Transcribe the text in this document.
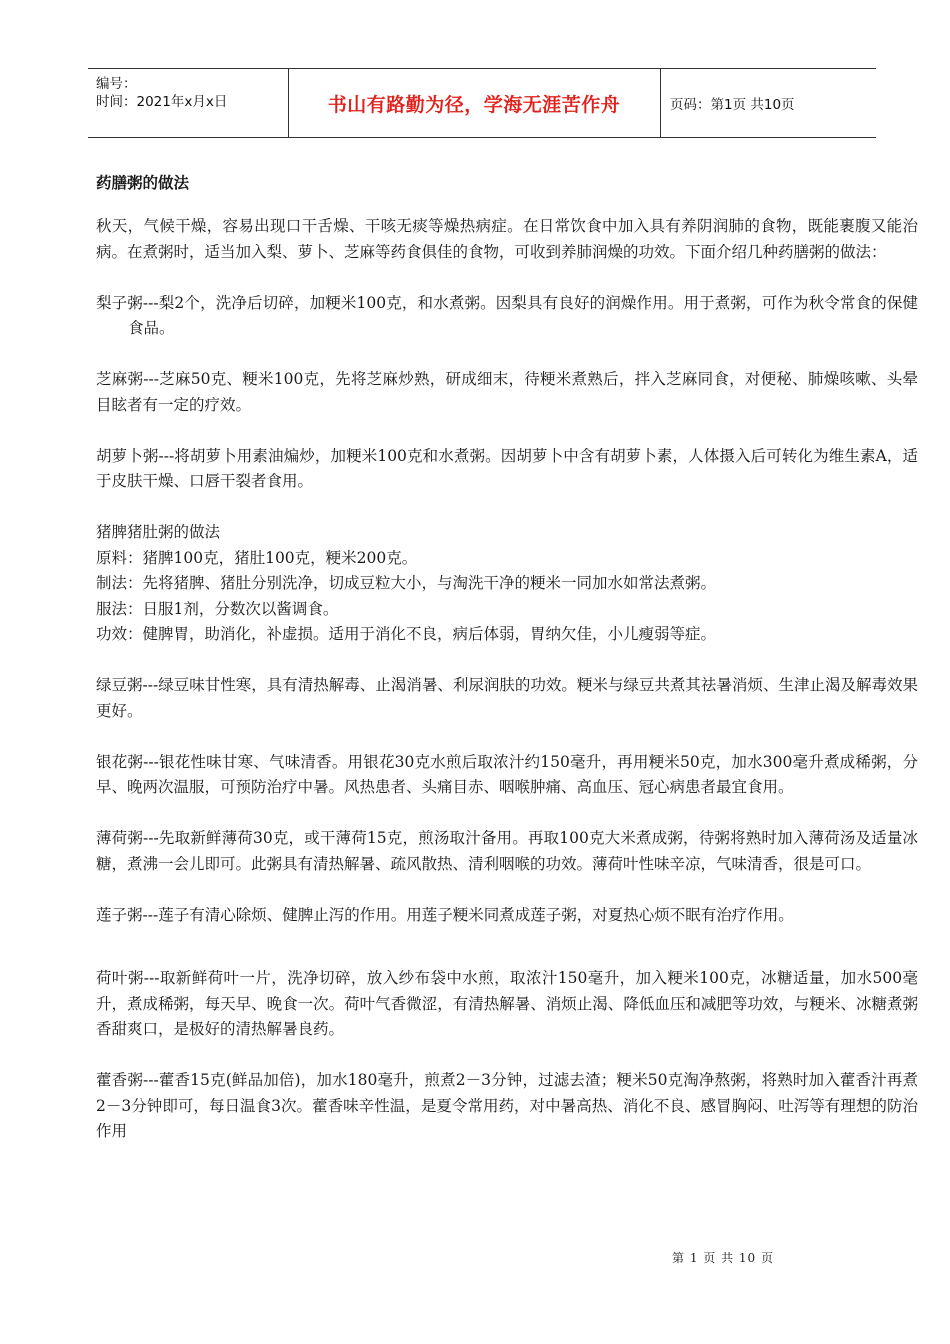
编号：
时间：2021年x月x日	书山有路勤为径，学海无涯苦作舟	页码：第1页 共10页
药膳粥的做法

秋天，气候干燥，容易出现口干舌燥、干咳无痰等燥热病症。在日常饮食中加入具有养阴润肺的食物，既能裹腹又能治病。在煮粥时，适当加入梨、萝卜、芝麻等药食俱佳的食物，可收到养肺润燥的功效。下面介绍几种药膳粥的做法：

梨子粥---梨2个，洗净后切碎，加粳米100克，和水煮粥。因梨具有良好的润燥作用。用于煮粥，可作为秋令常食的保健食品。

芝麻粥---芝麻50克、粳米100克，先将芝麻炒熟，研成细末，待粳米煮熟后，拌入芝麻同食，对便秘、肺燥咳嗽、头晕目眩者有一定的疗效。

胡萝卜粥---将胡萝卜用素油煸炒，加粳米100克和水煮粥。因胡萝卜中含有胡萝卜素，人体摄入后可转化为维生素A，适于皮肤干燥、口唇干裂者食用。

猪脾猪肚粥的做法
原料：猪脾100克，猪肚100克，粳米200克。
制法：先将猪脾、猪肚分别洗净，切成豆粒大小，与淘洗干净的粳米一同加水如常法煮粥。
服法：日服1剂，分数次以酱调食。
功效：健脾胃，助消化，补虚损。适用于消化不良，病后体弱，胃纳欠佳，小儿瘦弱等症。

绿豆粥---绿豆味甘性寒，具有清热解毒、止渴消暑、利尿润肤的功效。粳米与绿豆共煮其祛暑消烦、生津止渴及解毒效果更好。

银花粥---银花性味甘寒、气味清香。用银花30克水煎后取浓汁约150毫升，再用粳米50克，加水300毫升煮成稀粥，分早、晚两次温服，可预防治疗中暑。风热患者、头痛目赤、咽喉肿痛、高血压、冠心病患者最宜食用。

薄荷粥---先取新鲜薄荷30克，或干薄荷15克，煎汤取汁备用。再取100克大米煮成粥，待粥将熟时加入薄荷汤及适量冰糖，煮沸一会儿即可。此粥具有清热解暑、疏风散热、清利咽喉的功效。薄荷叶性味辛凉，气味清香，很是可口。

莲子粥---莲子有清心除烦、健脾止泻的作用。用莲子粳米同煮成莲子粥，对夏热心烦不眠有治疗作用。

荷叶粥---取新鲜荷叶一片，洗净切碎，放入纱布袋中水煎，取浓汁150毫升，加入粳米100克，冰糖适量，加水500毫升，煮成稀粥，每天早、晚食一次。荷叶气香微涩，有清热解暑、消烦止渴、降低血压和减肥等功效，与粳米、冰糖煮粥香甜爽口，是极好的清热解暑良药。

藿香粥---藿香15克(鲜品加倍)，加水180毫升，煎煮2－3分钟，过滤去渣；粳米50克淘净熬粥，将熟时加入藿香汁再煮2－3分钟即可，每日温食3次。藿香味辛性温，是夏令常用药，对中暑高热、消化不良、感冒胸闷、吐泻等有理想的防治作用

第 1 页 共 10 页
